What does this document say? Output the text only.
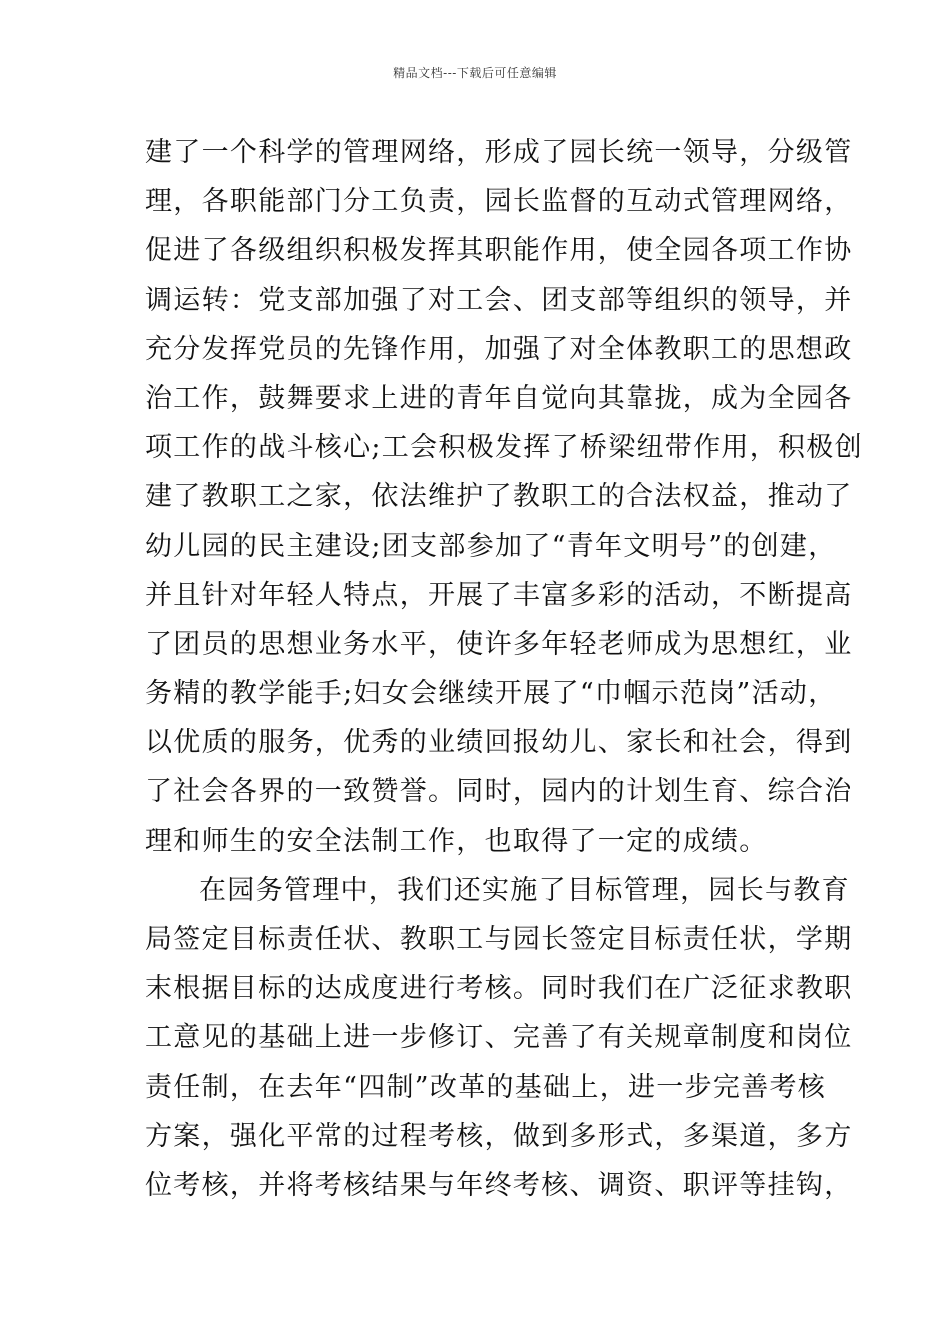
精品文档---下载后可任意编辑
建了一个科学的管理网络，形成了园长统一领导，分级管
理，各职能部门分工负责，园长监督的互动式管理网络，
促进了各级组织积极发挥其职能作用，使全园各项工作协
调运转：党支部加强了对工会、团支部等组织的领导，并
充分发挥党员的先锋作用，加强了对全体教职工的思想政
治工作，鼓舞要求上进的青年自觉向其靠拢，成为全园各
项工作的战斗核心;工会积极发挥了桥梁纽带作用，积极创
建了教职工之家，依法维护了教职工的合法权益，推动了
幼儿园的民主建设;团支部参加了“青年文明号”的创建，
并且针对年轻人特点，开展了丰富多彩的活动，不断提高
了团员的思想业务水平，使许多年轻老师成为思想红，业
务精的教学能手;妇女会继续开展了“巾帼示范岗”活动，
以优质的服务，优秀的业绩回报幼儿、家长和社会，得到
了社会各界的一致赞誉。同时，园内的计划生育、综合治
理和师生的安全法制工作，也取得了一定的成绩。
在园务管理中，我们还实施了目标管理，园长与教育
局签定目标责任状、教职工与园长签定目标责任状，学期
末根据目标的达成度进行考核。同时我们在广泛征求教职
工意见的基础上进一步修订、完善了有关规章制度和岗位
责任制，在去年“四制”改革的基础上，进一步完善考核
方案，强化平常的过程考核，做到多形式，多渠道，多方
位考核，并将考核结果与年终考核、调资、职评等挂钩，
